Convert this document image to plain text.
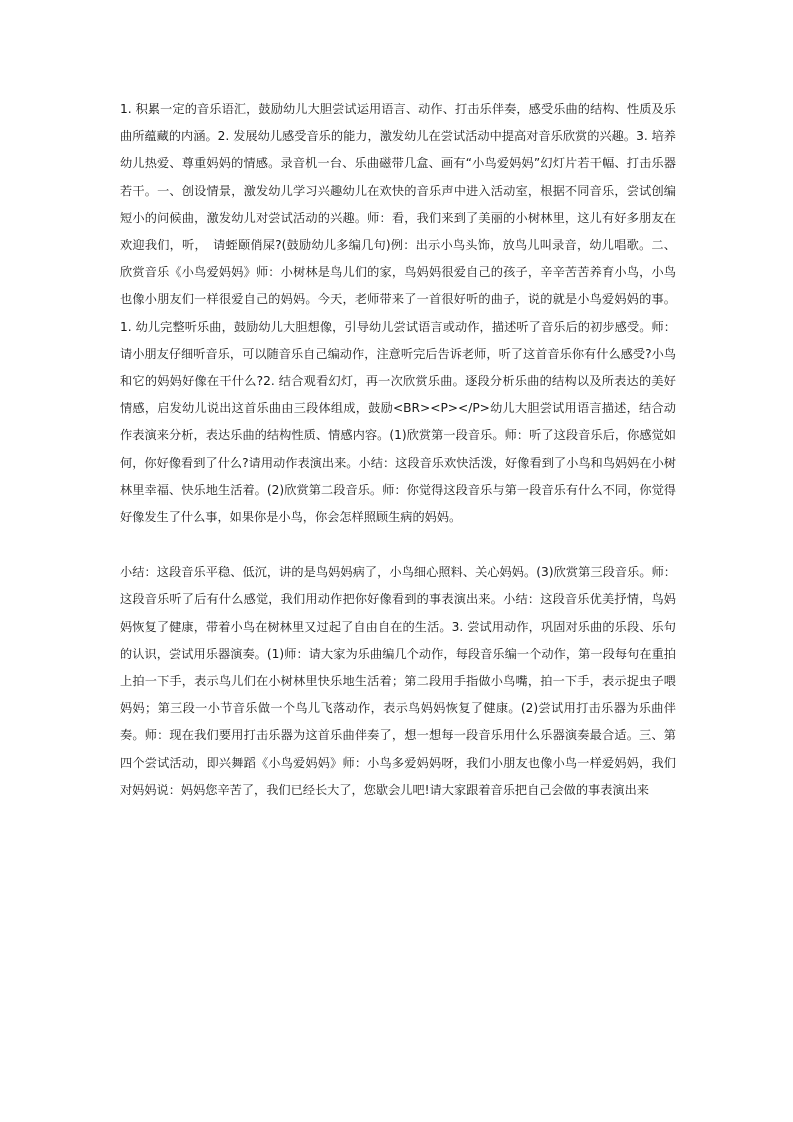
1. 积累一定的音乐语汇，鼓励幼儿大胆尝试运用语言、动作、打击乐伴奏，感受乐曲的结构、性质及乐曲所蕴藏的内涵。2. 发展幼儿感受音乐的能力，激发幼儿在尝试活动中提高对音乐欣赏的兴趣。3. 培养幼儿热爱、尊重妈妈的情感。录音机一台、乐曲磁带几盒、画有“小鸟爱妈妈”幻灯片若干幅、打击乐器若干。一、创设情景，激发幼儿学习兴趣幼儿在欢快的音乐声中进入活动室，根据不同音乐，尝试创编短小的问候曲，激发幼儿对尝试活动的兴趣。师：看，我们来到了美丽的小树林里，这儿有好多朋友在欢迎我们，听，　请蛭颐俏屎?(鼓励幼儿多编几句)例：出示小鸟头饰，放鸟儿叫录音，幼儿唱歌。二、欣赏音乐《小鸟爱妈妈》师：小树林是鸟儿们的家，鸟妈妈很爱自己的孩子，辛辛苦苦养育小鸟，小鸟也像小朋友们一样很爱自己的妈妈。今天，老师带来了一首很好听的曲子，说的就是小鸟爱妈妈的事。1. 幼儿完整听乐曲，鼓励幼儿大胆想像，引导幼儿尝试语言或动作，描述听了音乐后的初步感受。师：请小朋友仔细听音乐，可以随音乐自己编动作，注意听完后告诉老师，听了这首音乐你有什么感受?小鸟和它的妈妈好像在干什么?2. 结合观看幻灯，再一次欣赏乐曲。逐段分析乐曲的结构以及所表达的美好情感，启发幼儿说出这首乐曲由三段体组成，鼓励<BR><P></P>幼儿大胆尝试用语言描述，结合动作表演来分析，表达乐曲的结构性质、情感内容。(1)欣赏第一段音乐。师：听了这段音乐后，你感觉如何，你好像看到了什么?请用动作表演出来。小结：这段音乐欢快活泼，好像看到了小鸟和鸟妈妈在小树林里幸福、快乐地生活着。(2)欣赏第二段音乐。师：你觉得这段音乐与第一段音乐有什么不同，你觉得好像发生了什么事，如果你是小鸟，你会怎样照顾生病的妈妈。

小结：这段音乐平稳、低沉，讲的是鸟妈妈病了，小鸟细心照料、关心妈妈。(3)欣赏第三段音乐。师：这段音乐听了后有什么感觉，我们用动作把你好像看到的事表演出来。小结：这段音乐优美抒情，鸟妈妈恢复了健康，带着小鸟在树林里又过起了自由自在的生活。3. 尝试用动作，巩固对乐曲的乐段、乐句的认识，尝试用乐器演奏。(1)师：请大家为乐曲编几个动作，每段音乐编一个动作，第一段每句在重拍上拍一下手，表示鸟儿们在小树林里快乐地生活着；第二段用手指做小鸟嘴，拍一下手，表示捉虫子喂妈妈；第三段一小节音乐做一个鸟儿飞落动作，表示鸟妈妈恢复了健康。(2)尝试用打击乐器为乐曲伴奏。师：现在我们要用打击乐器为这首乐曲伴奏了，想一想每一段音乐用什么乐器演奏最合适。三、第四个尝试活动，即兴舞蹈《小鸟爱妈妈》师：小鸟多爱妈妈呀，我们小朋友也像小鸟一样爱妈妈，我们对妈妈说：妈妈您辛苦了，我们已经长大了，您歇会儿吧!请大家跟着音乐把自己会做的事表演出来
